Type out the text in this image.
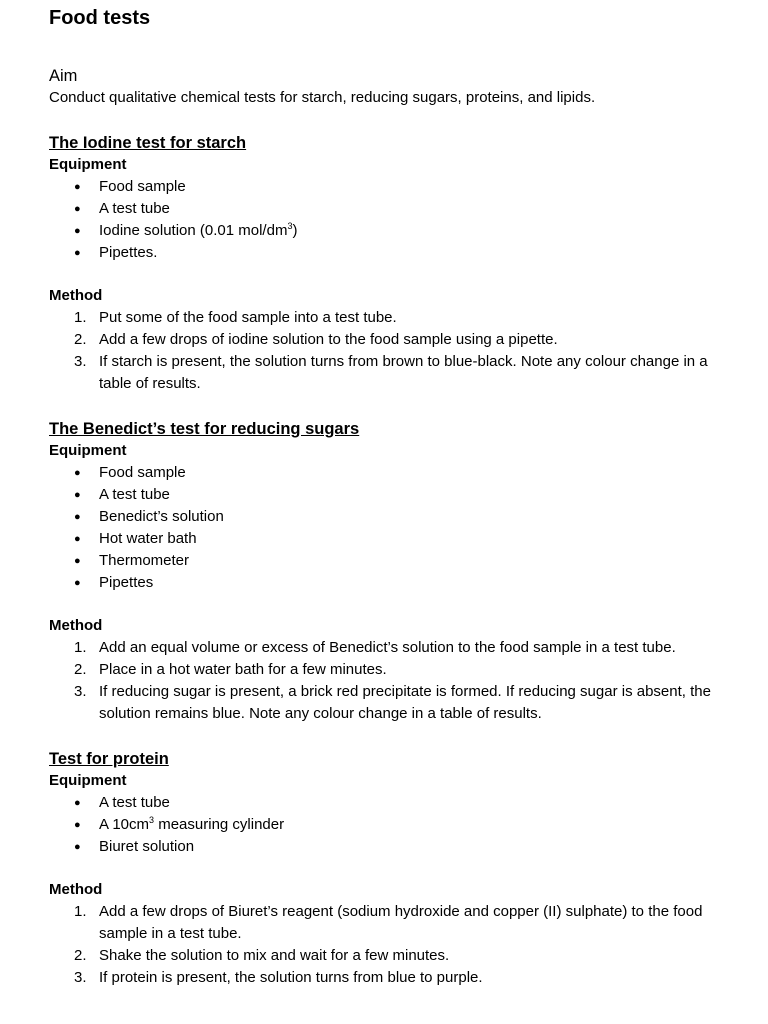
Food tests
Aim

Conduct qualitative chemical tests for starch, reducing sugars, proteins, and lipids.

The Iodine test for starch
Equipment
● Food sample
● A test tube
● Iodine solution (0.01 mol/$dm^3$)
● Pipettes.
Method
1. Put some of the food sample into a test tube.
2. Add a few drops of iodine solution to the food sample using a pipette.
3. If starch is present, the solution turns from brown to blue-black. Note any colour change in a table of results.
The Benedict’s test for reducing sugars
Equipment
● Food sample
● A test tube
● Benedict’s solution
● Hot water bath
● Thermometer
● Pipettes
Method
1. Add an equal volume or excess of Benedict’s solution to the food sample in a test tube.
2. Place in a hot water bath for a few minutes.
3. If reducing sugar is present, a brick red precipitate is formed. If reducing sugar is absent, the solution remains blue. Note any colour change in a table of results.
Test for protein
Equipment
● A test tube
● A $10cm^3$ measuring cylinder
● Biuret solution
Method
1. Add a few drops of Biuret’s reagent (sodium hydroxide and copper (II) sulphate) to the food sample in a test tube.
2. Shake the solution to mix and wait for a few minutes.
3. If protein is present, the solution turns from blue to purple.
